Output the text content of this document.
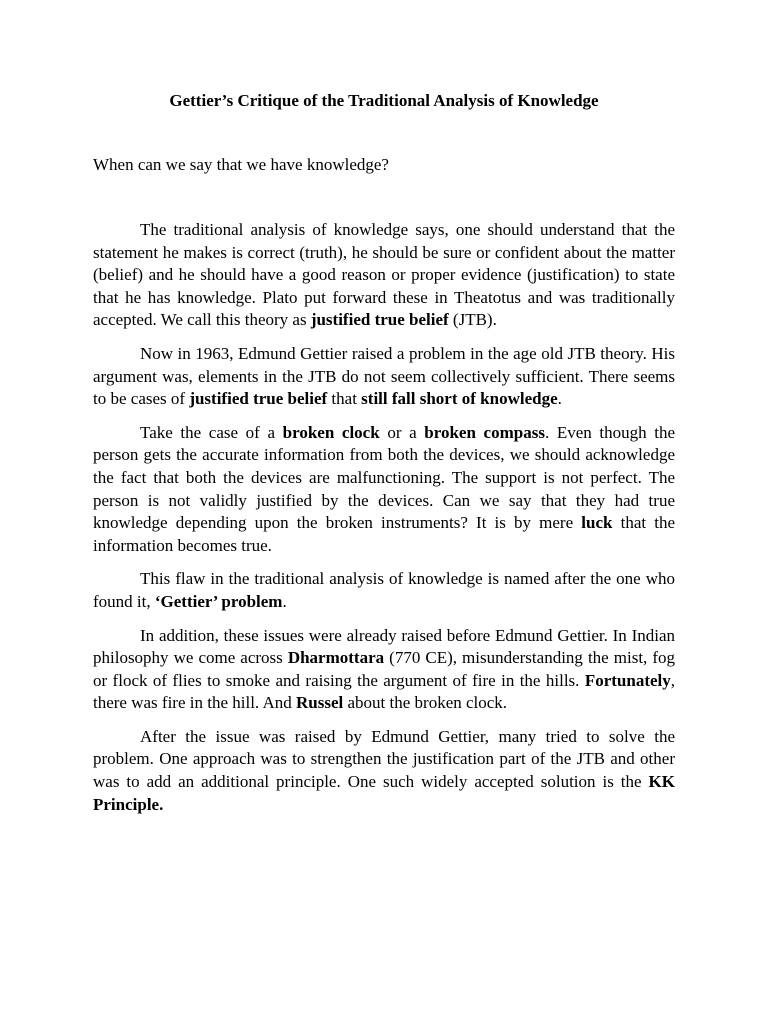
Gettier’s Critique of the Traditional Analysis of Knowledge
When can we say that we have knowledge?

The traditional analysis of knowledge says, one should understand that the statement he makes is correct (truth), he should be sure or confident about the matter (belief) and he should have a good reason or proper evidence (justification) to state that he has knowledge. Plato put forward these in Theatotus and was traditionally accepted. We call this theory as justified true belief (JTB).

Now in 1963, Edmund Gettier raised a problem in the age old JTB theory. His argument was, elements in the JTB do not seem collectively sufficient. There seems to be cases of justified true belief that still fall short of knowledge.

Take the case of a broken clock or a broken compass. Even though the person gets the accurate information from both the devices, we should acknowledge the fact that both the devices are malfunctioning. The support is not perfect. The person is not validly justified by the devices. Can we say that they had true knowledge depending upon the broken instruments? It is by mere luck that the information becomes true.

This flaw in the traditional analysis of knowledge is named after the one who found it, ‘Gettier’ problem.

In addition, these issues were already raised before Edmund Gettier. In Indian philosophy we come across Dharmottara (770 CE), misunderstanding the mist, fog or flock of flies to smoke and raising the argument of fire in the hills. Fortunately, there was fire in the hill. And Russel about the broken clock.

After the issue was raised by Edmund Gettier, many tried to solve the problem. One approach was to strengthen the justification part of the JTB and other was to add an additional principle. One such widely accepted solution is the KK Principle.
